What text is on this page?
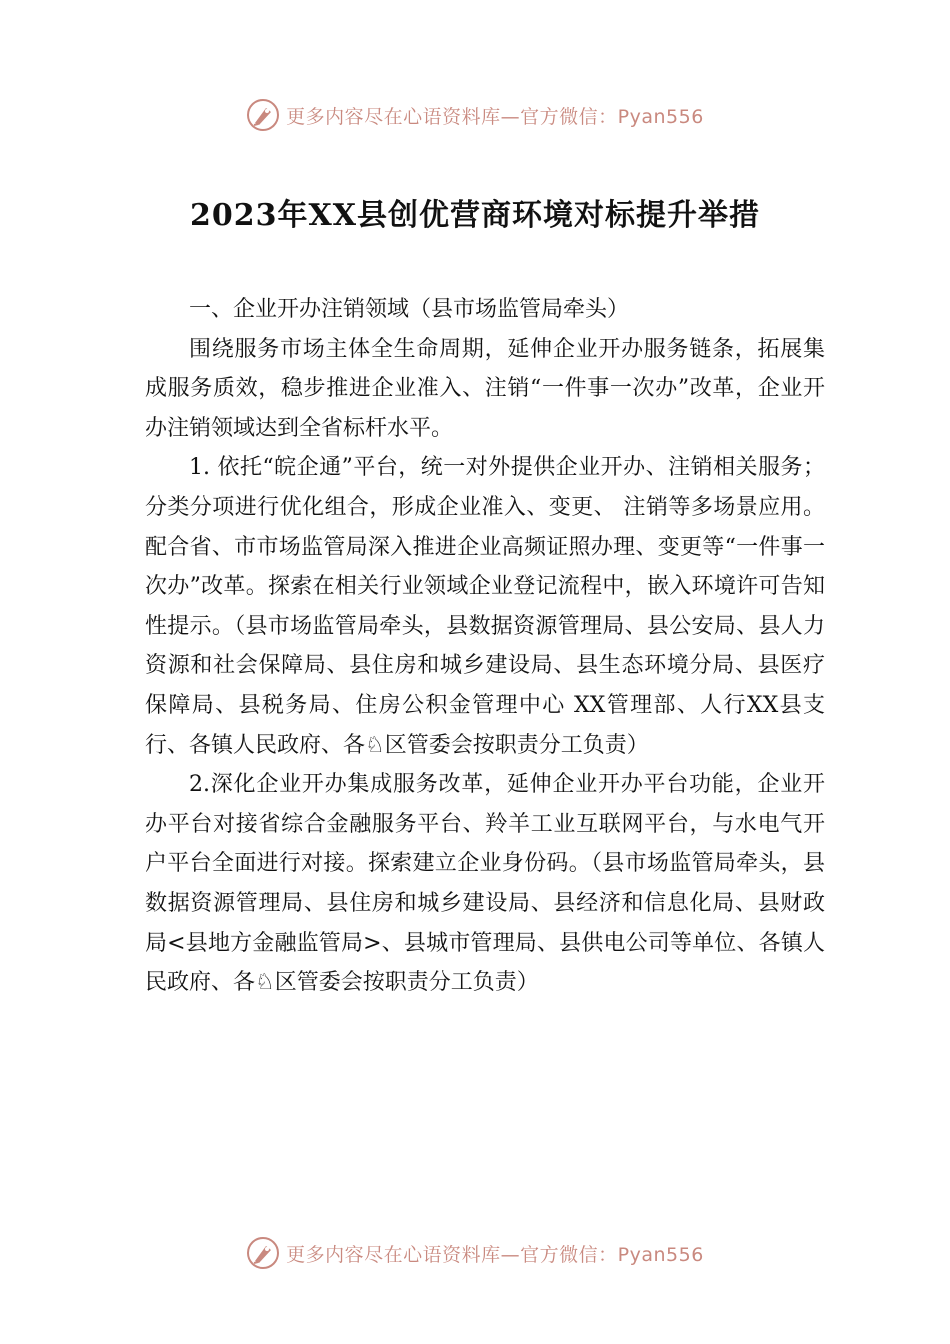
更多内容尽在心语资料库—官方微信：Pyan556
2023年XX县创优营商环境对标提升举措

一、企业开办注销领域（县市场监管局牵头）

围绕服务市场主体全生命周期，延伸企业开办服务链条，拓展集成服务质效，稳步推进企业准入、注销“一件事一次办”改革，企业开办注销领域达到全省标杆水平。

1. 依托“皖企通”平台，统一对外提供企业开办、注销相关服务；分类分项进行优化组合，形成企业准入、变更、 注销等多场景应用。配合省、市市场监管局深入推进企业高频证照办理、变更等“一件事一次办”改革。探索在相关行业领域企业登记流程中，嵌入环境许可告知性提示。（县市场监管局牵头，县数据资源管理局、县公安局、县人力资源和社会保障局、县住房和城乡建设局、县生态环境分局、县医疗保障局、县税务局、住房公积金管理中心 XX管理部、人行XX县支行、各镇人民政府、各♘区管委会按职责分工负责）

2.深化企业开办集成服务改革，延伸企业开办平台功能，企业开办平台对接省综合金融服务平台、羚羊工业互联网平台，与水电气开户平台全面进行对接。探索建立企业身份码。（县市场监管局牵头，县数据资源管理局、县住房和城乡建设局、县经济和信息化局、县财政局<县地方金融监管局>、县城市管理局、县供电公司等单位、各镇人民政府、各♘区管委会按职责分工负责）

更多内容尽在心语资料库—官方微信：Pyan556
